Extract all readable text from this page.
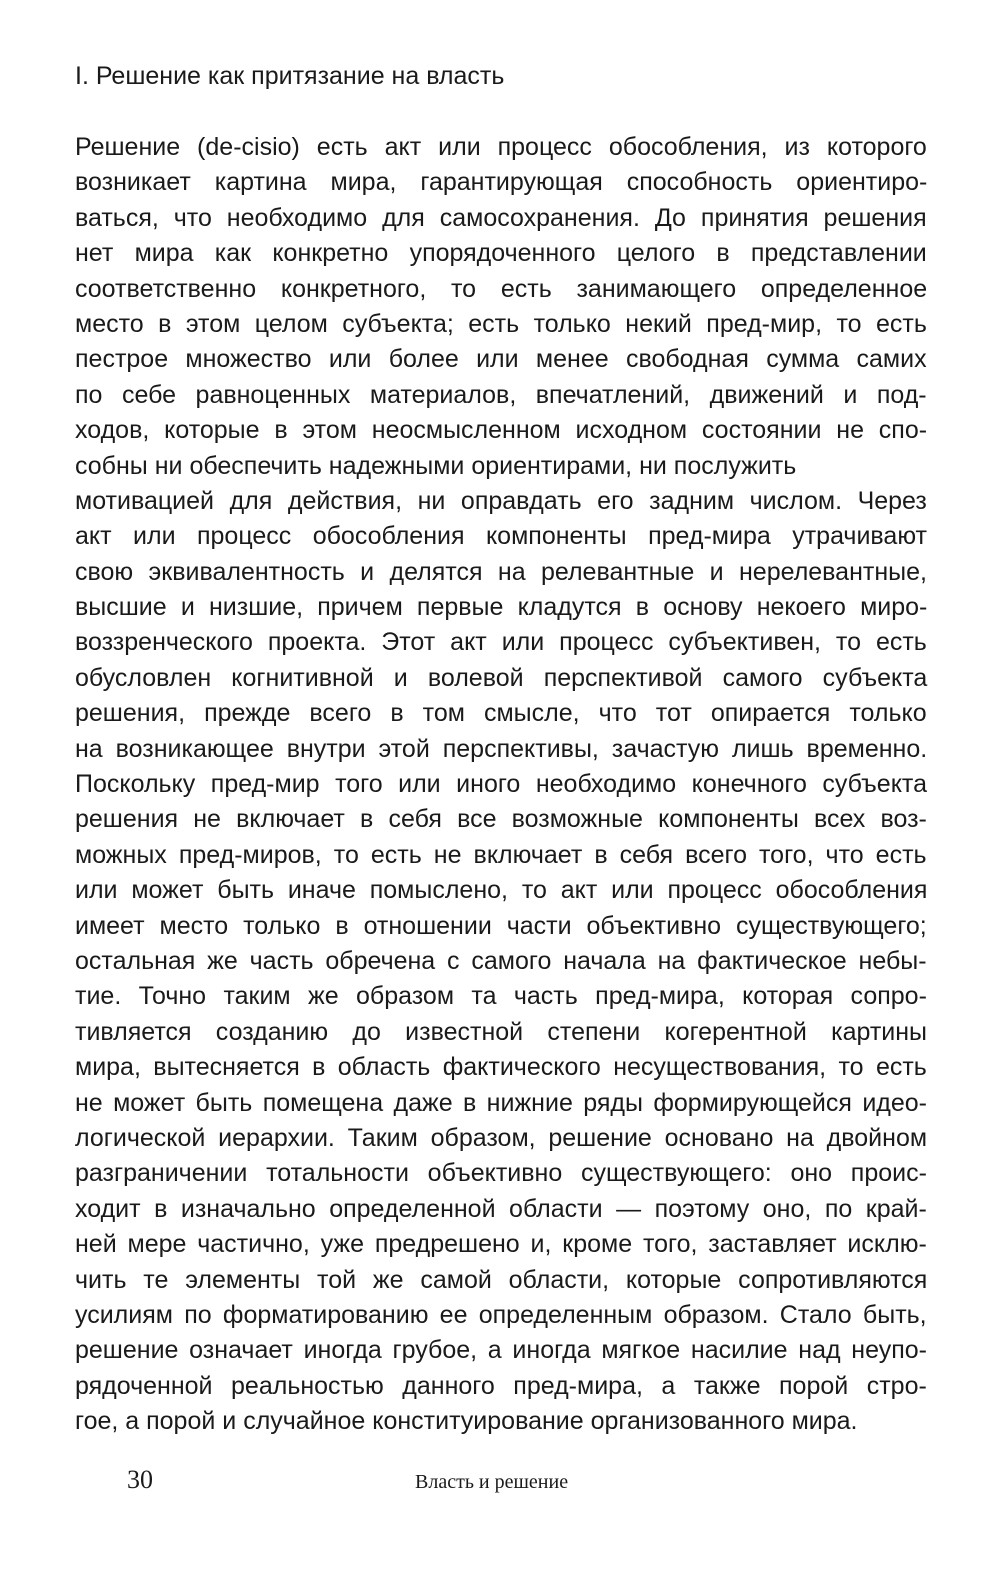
I. Решение как притязание на власть
Решение (de-cisio) есть акт или процесс обособления, из которого
возникает картина мира, гарантирующая способность ориентиро-
ваться, что необходимо для самосохранения. До принятия решения
нет мира как конкретно упорядоченного целого в представлении
соответственно конкретного, то есть занимающего определенное
место в этом целом субъекта; есть только некий пред-мир, то есть
пестрое множество или более или менее свободная сумма самих
по себе равноценных материалов, впечатлений, движений и под-
ходов, которые в этом неосмысленном исходном состоянии не спо-
собны ни обеспечить надежными ориентирами, ни послужить
мотивацией для действия, ни оправдать его задним числом. Через
акт или процесс обособления компоненты пред-мира утрачивают
свою эквивалентность и делятся на релевантные и нерелевантные,
высшие и низшие, причем первые кладутся в основу некоего миро-
воззренческого проекта. Этот акт или процесс субъективен, то есть
обусловлен когнитивной и волевой перспективой самого субъекта
решения, прежде всего в том смысле, что тот опирается только
на возникающее внутри этой перспективы, зачастую лишь временно.
Поскольку пред-мир того или иного необходимо конечного субъекта
решения не включает в себя все возможные компоненты всех воз-
можных пред-миров, то есть не включает в себя всего того, что есть
или может быть иначе помыслено, то акт или процесс обособления
имеет место только в отношении части объективно существующего;
остальная же часть обречена с самого начала на фактическое небы-
тие. Точно таким же образом та часть пред-мира, которая сопро-
тивляется созданию до известной степени когерентной картины
мира, вытесняется в область фактического несуществования, то есть
не может быть помещена даже в нижние ряды формирующейся идео-
логической иерархии. Таким образом, решение основано на двойном
разграничении тотальности объективно существующего: оно проис-
ходит в изначально определенной области — поэтому оно, по край-
ней мере частично, уже предрешено и, кроме того, заставляет исклю-
чить те элементы той же самой области, которые сопротивляются
усилиям по форматированию ее определенным образом. Стало быть,
решение означает иногда грубое, а иногда мягкое насилие над неупо-
рядоченной реальностью данного пред-мира, а также порой стро-
гое, а порой и случайное конституирование организованного мира.
30	Власть и решение
